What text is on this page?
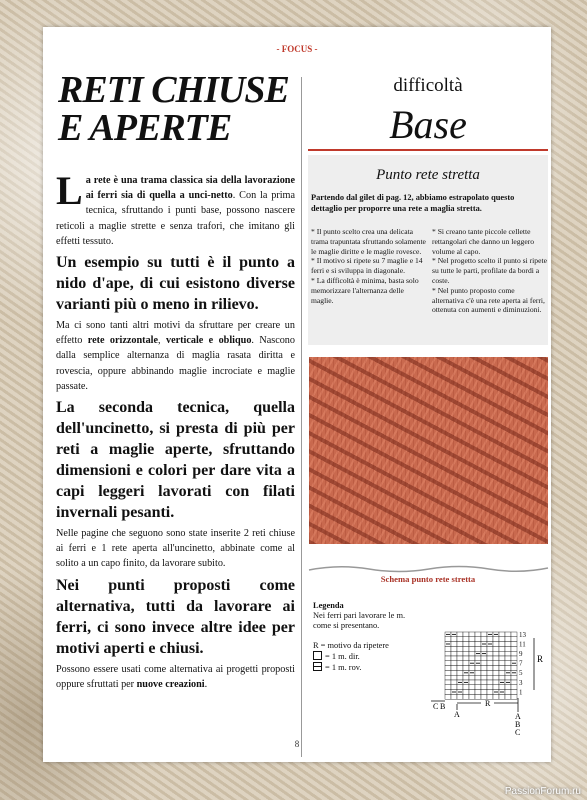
- FOCUS -
RETI CHIUSE
E APERTE

La rete è una trama classica sia della lavorazione ai ferri sia di quella a unci-netto. Con la prima tecnica, sfruttando i punti base, possono nascere reticoli a maglie strette e senza trafori, che imitano gli effetti tessuto.

Un esempio su tutti è il punto a nido d'ape, di cui esistono diverse varianti più o meno in rilievo.

Ma ci sono tanti altri motivi da sfruttare per creare un effetto rete orizzontale, verticale e obliquo. Nascono dalla semplice alternanza di maglia rasata diritta e rovescia, oppure abbinando maglie incrociate e maglie passate.

La seconda tecnica, quella dell'uncinetto, si presta di più per reti a maglie aperte, sfruttando dimensioni e colori per dare vita a capi leggeri lavorati con filati invernali pesanti.

Nelle pagine che seguono sono state inserite 2 reti chiuse ai ferri e 1 rete aperta all'uncinetto, abbinate come al solito a un capo finito, da lavorare subito.

Nei punti proposti come alternativa, tutti da lavorare ai ferri, ci sono invece altre idee per motivi aperti e chiusi.

Possono essere usati come alternativa ai progetti proposti oppure sfruttati per nuove creazioni.

difficoltà
Base
Punto rete stretta
Partendo dal gilet di pag. 12, abbiamo estrapolato questo dettaglio per proporre una rete a maglia stretta.

* Il punto scelto crea una delicata trama trapuntata sfruttando solamente le maglie diritte e le maglie rovesce.

* Il motivo si ripete su 7 maglie e 14 ferri e si sviluppa in diagonale.

* La difficoltà è minima, basta solo memorizzare l'alternanza delle maglie.

* Si creano tante piccole cellette rettangolari che danno un leggero volume al capo.

* Nel progetto scelto il punto si ripete su tutte le parti, profilate da bordi a coste.

* Nel punto proposto come alternativa c'è una rete aperta ai ferri, ottenuta con aumenti e diminuzioni.

Schema punto rete stretta

Legenda

Nei ferri pari lavorare le m. come si presentano.

R = motivo da ripetere

= 1 m. dir.

= 1 m. rov.

13
11
9
7
5
3
1
R
C B
A
R
A
B
C
8
PassionForum.ru
